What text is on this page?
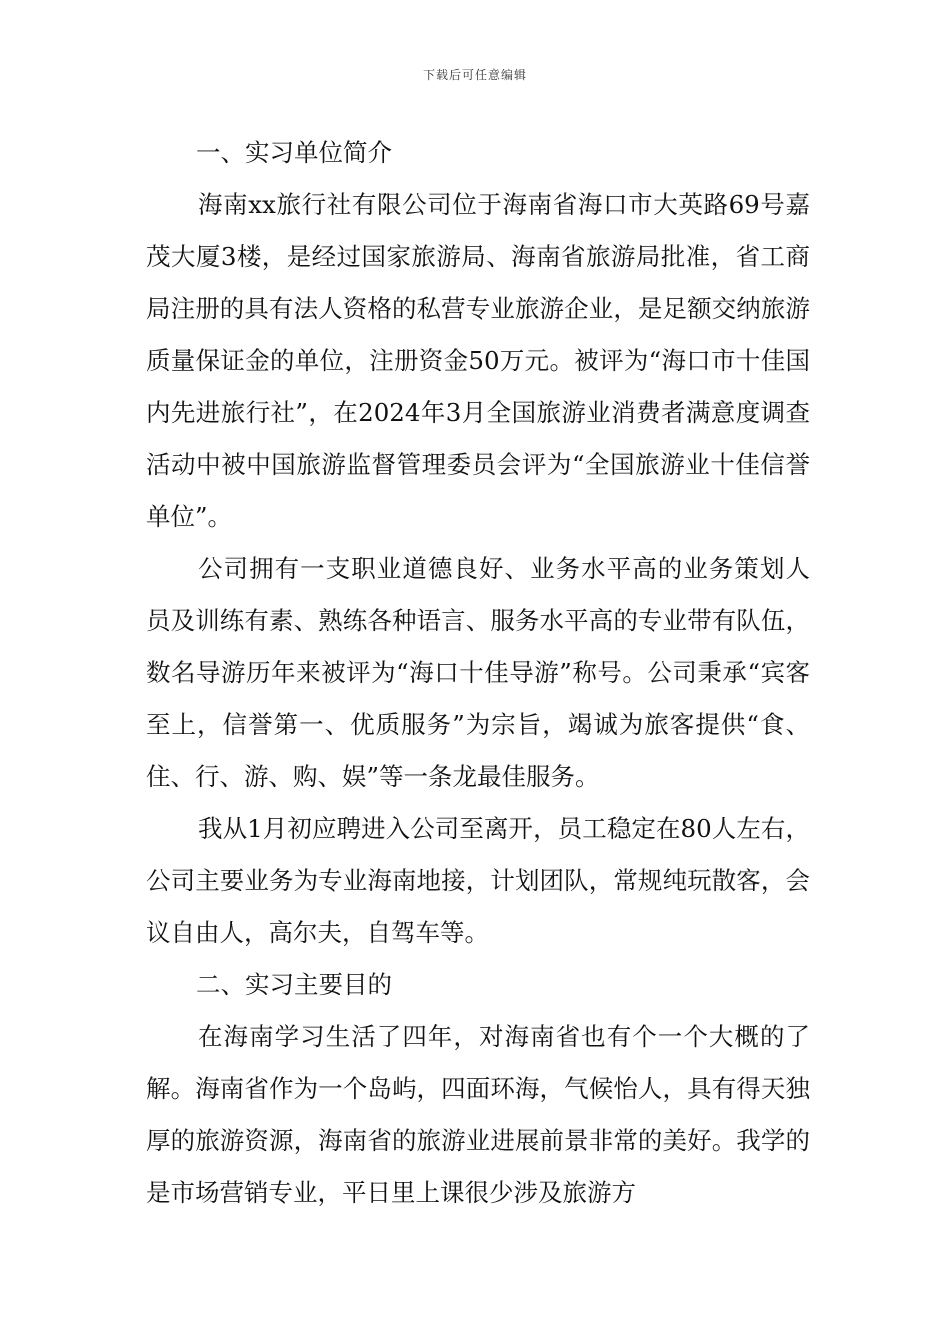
下载后可任意编辑

一、实习单位简介

海南xx旅行社有限公司位于海南省海口市大英路69号嘉茂大厦3楼，是经过国家旅游局、海南省旅游局批准，省工商局注册的具有法人资格的私营专业旅游企业，是足额交纳旅游质量保证金的单位，注册资金50万元。被评为“海口市十佳国内先进旅行社”，在2024年3月全国旅游业消费者满意度调查活动中被中国旅游监督管理委员会评为“全国旅游业十佳信誉单位”。

公司拥有一支职业道德良好、业务水平高的业务策划人员及训练有素、熟练各种语言、服务水平高的专业带有队伍，数名导游历年来被评为“海口十佳导游”称号。公司秉承“宾客至上，信誉第一、优质服务”为宗旨，竭诚为旅客提供“食、住、行、游、购、娱”等一条龙最佳服务。

我从1月初应聘进入公司至离开，员工稳定在80人左右，公司主要业务为专业海南地接，计划团队，常规纯玩散客，会议自由人，高尔夫，自驾车等。

二、实习主要目的

在海南学习生活了四年，对海南省也有个一个大概的了解。海南省作为一个岛屿，四面环海，气候怡人，具有得天独厚的旅游资源，海南省的旅游业进展前景非常的美好。我学的是市场营销专业，平日里上课很少涉及旅游方
